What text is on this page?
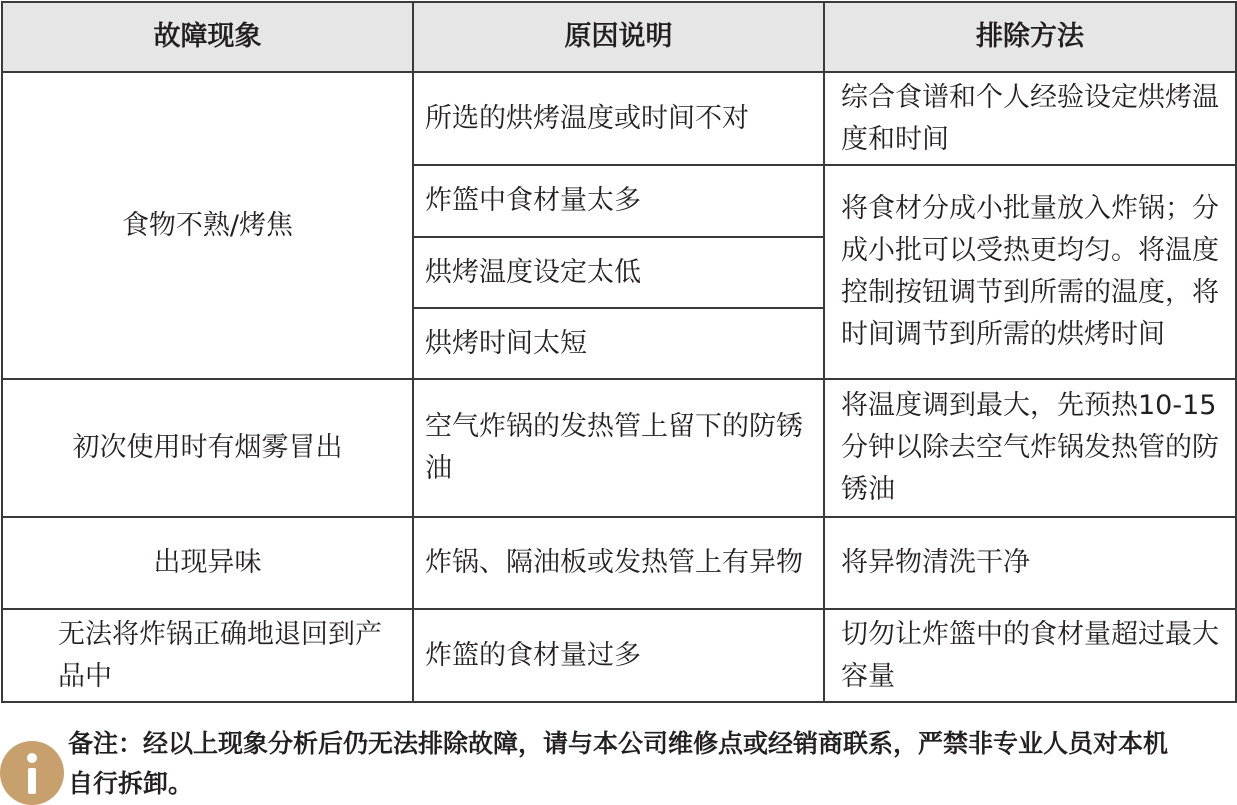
故障现象	原因说明	排除方法
食物不熟/烤焦	所选的烘烤温度或时间不对	综合食谱和个人经验设定烘烤温度和时间
	炸篮中食材量太多	将食材分成小批量放入炸锅；分成小批可以受热更均匀。将温度控制按钮调节到所需的温度，将时间调节到所需的烘烤时间
	烘烤温度设定太低	
	烘烤时间太短	
初次使用时有烟雾冒出	空气炸锅的发热管上留下的防锈油	将温度调到最大，先预热10-15分钟以除去空气炸锅发热管的防锈油
出现异味	炸锅、隔油板或发热管上有异物	将异物清洗干净
无法将炸锅正确地退回到产品中	炸篮的食材量过多	切勿让炸篮中的食材量超过最大容量
备注：经以上现象分析后仍无法排除故障，请与本公司维修点或经销商联系，严禁非专业人员对本机自行拆卸。
